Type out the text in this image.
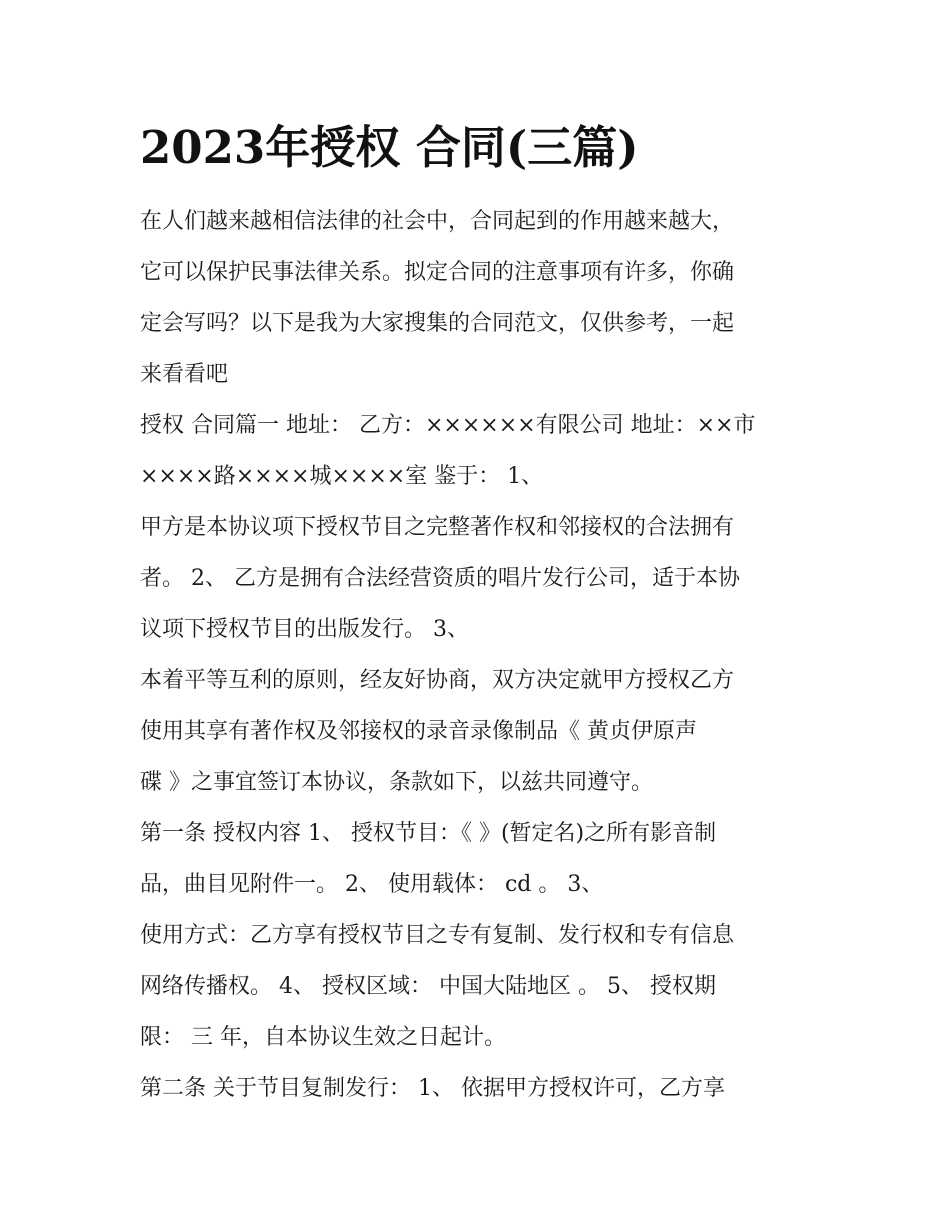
2023年授权 合同(三篇)
在人们越来越相信法律的社会中，合同起到的作用越来越大，
它可以保护民事法律关系。拟定合同的注意事项有许多，你确
定会写吗？以下是我为大家搜集的合同范文，仅供参考，一起
来看看吧
授权 合同篇一 地址： 乙方：××××××有限公司 地址：××市
××××路××××城××××室 鉴于： 1、
甲方是本协议项下授权节目之完整著作权和邻接权的合法拥有
者。 2、 乙方是拥有合法经营资质的唱片发行公司，适于本协
议项下授权节目的出版发行。 3、
本着平等互利的原则，经友好协商，双方决定就甲方授权乙方
使用其享有著作权及邻接权的录音录像制品《 黄贞伊原声
碟 》之事宜签订本协议，条款如下，以兹共同遵守。
第一条 授权内容 1、 授权节目：《 》(暂定名)之所有影音制
品，曲目见附件一。 2、 使用载体： cd 。 3、
使用方式：乙方享有授权节目之专有复制、发行权和专有信息
网络传播权。 4、 授权区域： 中国大陆地区 。 5、 授权期
限： 三 年，自本协议生效之日起计。
第二条 关于节目复制发行： 1、 依据甲方授权许可，乙方享
